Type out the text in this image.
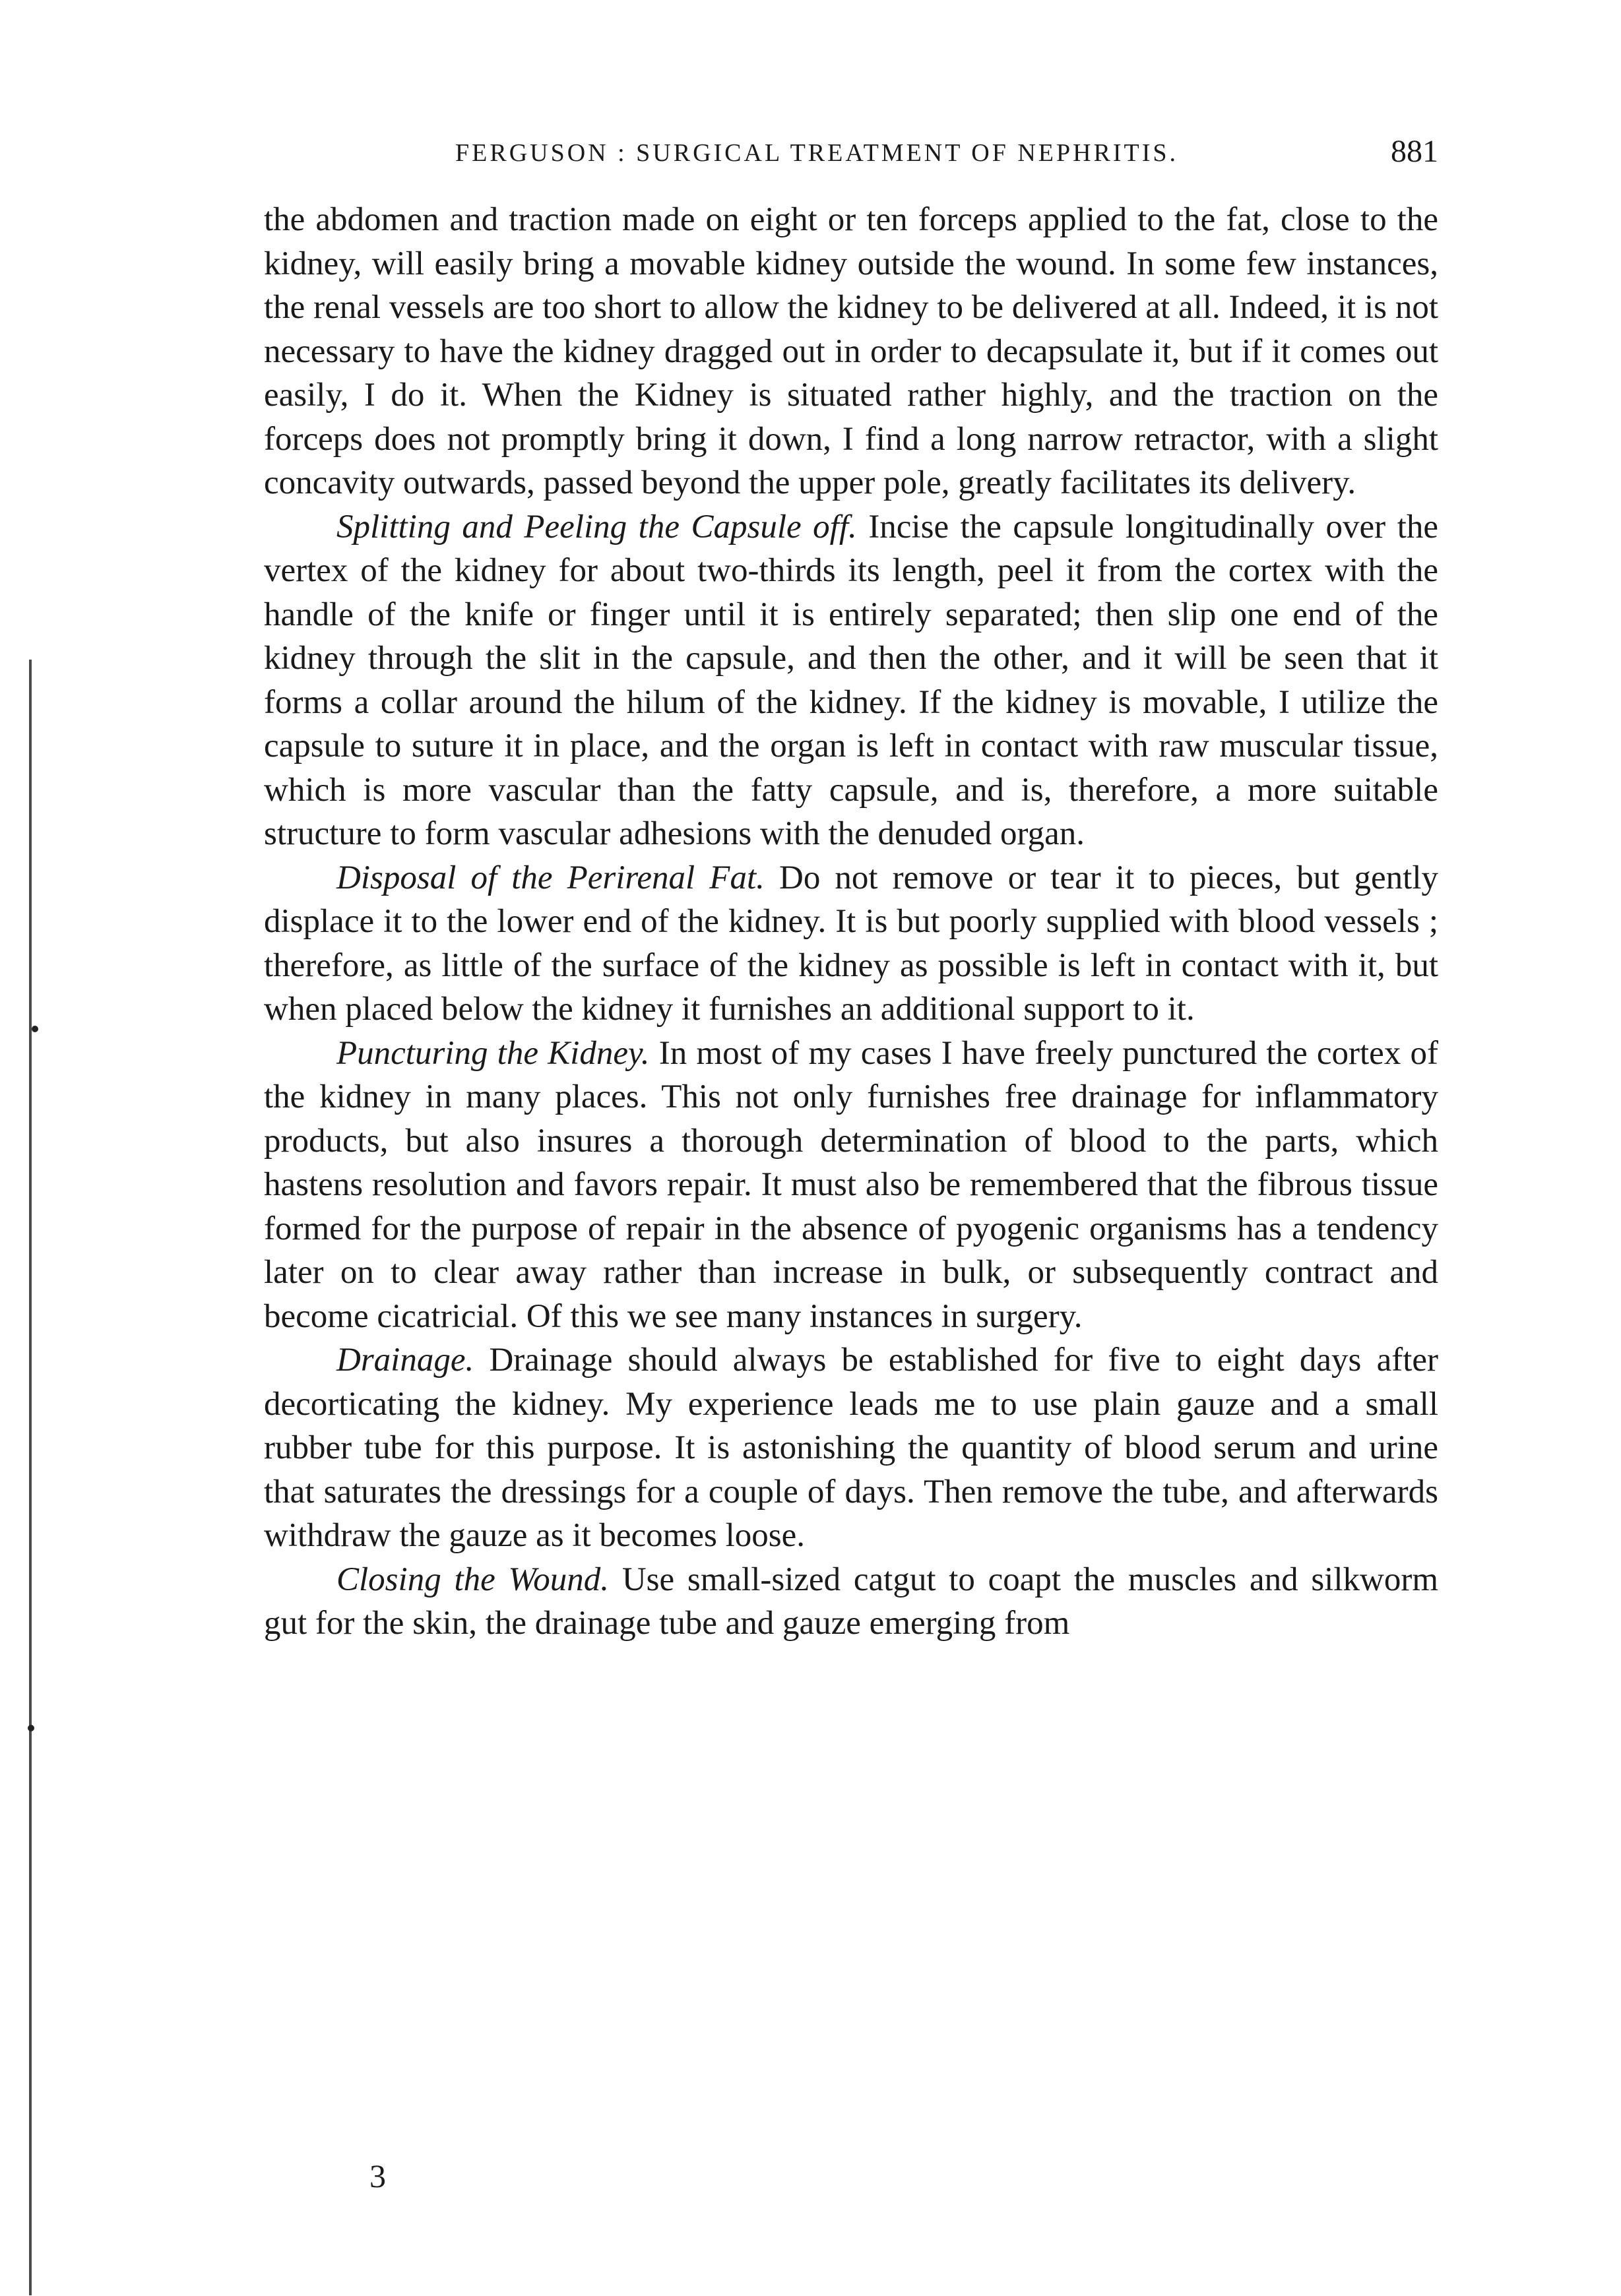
FERGUSON : SURGICAL TREATMENT OF NEPHRITIS.	881

the abdomen and traction made on eight or ten forceps applied to the fat, close to the kidney, will easily bring a movable kidney outside the wound. In some few instances, the renal vessels are too short to allow the kidney to be delivered at all. Indeed, it is not necessary to have the kidney dragged out in order to decapsulate it, but if it comes out easily, I do it. When the Kidney is situated rather highly, and the traction on the forceps does not promptly bring it down, I find a long narrow retractor, with a slight concavity outwards, passed beyond the upper pole, greatly facilitates its delivery.

Splitting and Peeling the Capsule off. Incise the capsule longitudinally over the vertex of the kidney for about two-thirds its length, peel it from the cortex with the handle of the knife or finger until it is entirely separated; then slip one end of the kidney through the slit in the capsule, and then the other, and it will be seen that it forms a collar around the hilum of the kidney. If the kidney is movable, I utilize the capsule to suture it in place, and the organ is left in contact with raw muscular tissue, which is more vascular than the fatty capsule, and is, therefore, a more suitable structure to form vascular adhesions with the denuded organ.

Disposal of the Perirenal Fat. Do not remove or tear it to pieces, but gently displace it to the lower end of the kidney. It is but poorly supplied with blood vessels ; therefore, as little of the surface of the kidney as possible is left in contact with it, but when placed below the kidney it furnishes an additional support to it.

Puncturing the Kidney. In most of my cases I have freely punctured the cortex of the kidney in many places. This not only furnishes free drainage for inflammatory products, but also insures a thorough determination of blood to the parts, which hastens resolution and favors repair. It must also be remembered that the fibrous tissue formed for the purpose of repair in the absence of pyogenic organisms has a tendency later on to clear away rather than increase in bulk, or subsequently contract and become cicatricial. Of this we see many instances in surgery.

Drainage. Drainage should always be established for five to eight days after decorticating the kidney. My experience leads me to use plain gauze and a small rubber tube for this purpose. It is astonishing the quantity of blood serum and urine that saturates the dressings for a couple of days. Then remove the tube, and afterwards withdraw the gauze as it becomes loose.

Closing the Wound. Use small-sized catgut to coapt the muscles and silkworm gut for the skin, the drainage tube and gauze emerging from

3
